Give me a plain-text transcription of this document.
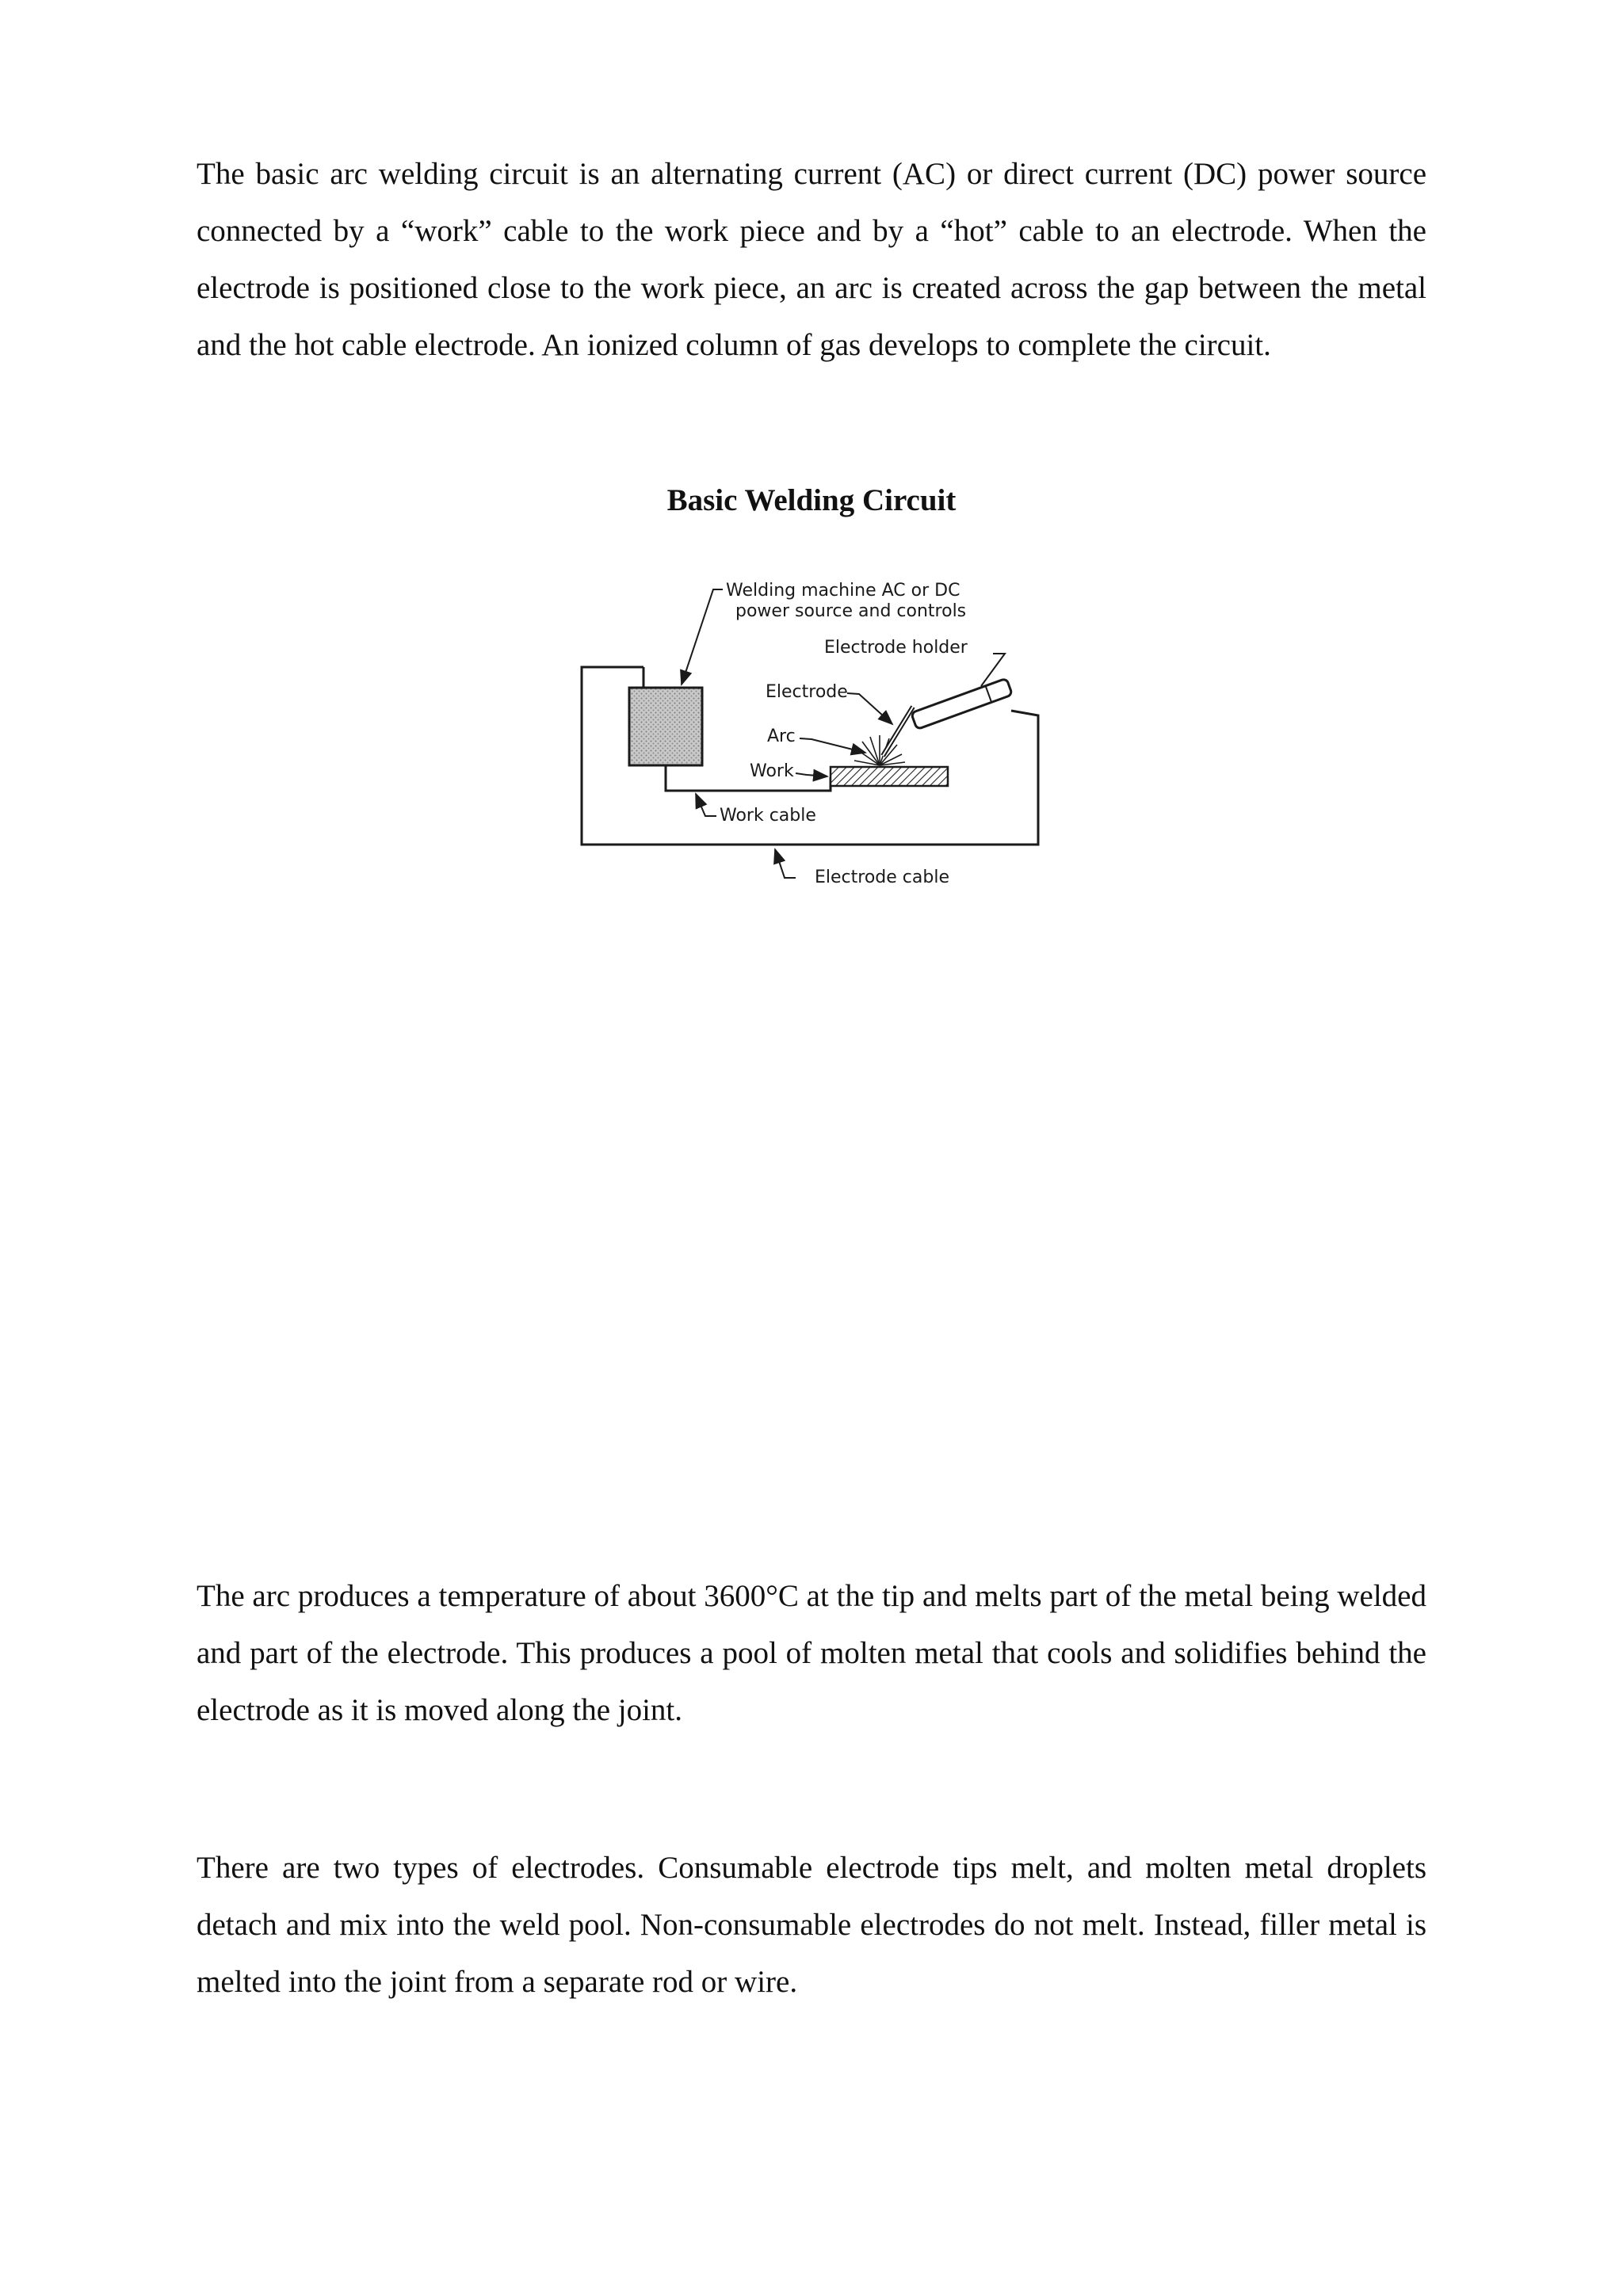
The basic arc welding circuit is an alternating current (AC) or direct current (DC) power source connected by a “work” cable to the work piece and by a “hot” cable to an electrode. When the electrode is positioned close to the work piece, an arc is created across the gap between the metal and the hot cable electrode. An ionized column of gas develops to complete the circuit.

Basic Welding Circuit
Welding machine AC or DC
power source and controls
Electrode holder
Electrode
Arc
Work
Work cable
Electrode cable

The arc produces a temperature of about 3600°C at the tip and melts part of the metal being welded and part of the electrode. This produces a pool of molten metal that cools and solidifies behind the electrode as it is moved along the joint.

There are two types of electrodes. Consumable electrode tips melt, and molten metal droplets detach and mix into the weld pool. Non-consumable electrodes do not melt. Instead, filler metal is melted into the joint from a separate rod or wire.
